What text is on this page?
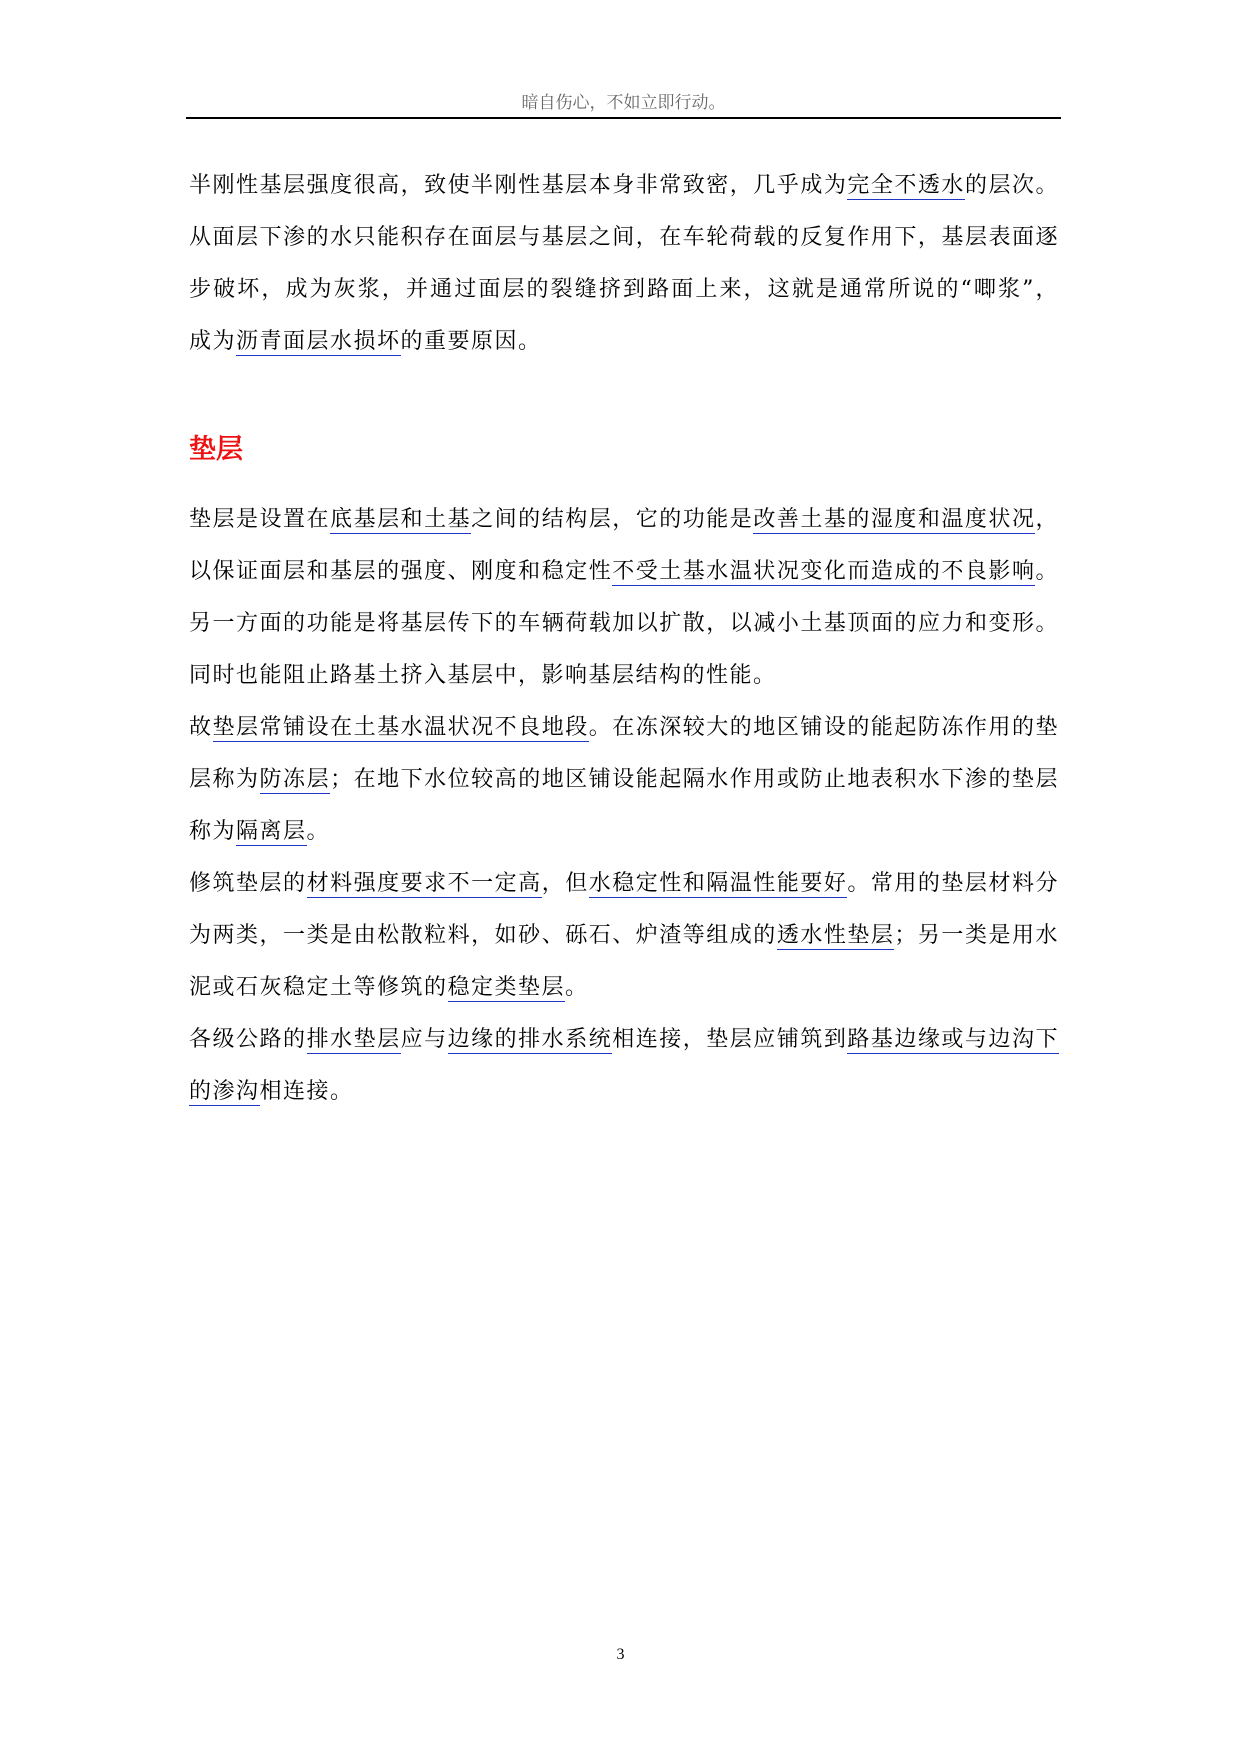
暗自伤心，不如立即行动。

半刚性基层强度很高，致使半刚性基层本身非常致密，几乎成为完全不透水的层次。从面层下渗的水只能积存在面层与基层之间，在车轮荷载的反复作用下，基层表面逐步破坏，成为灰浆，并通过面层的裂缝挤到路面上来，这就是通常所说的“唧浆”，成为沥青面层水损坏的重要原因。

垫层

垫层是设置在底基层和土基之间的结构层，它的功能是改善土基的湿度和温度状况，以保证面层和基层的强度、刚度和稳定性不受土基水温状况变化而造成的不良影响。另一方面的功能是将基层传下的车辆荷载加以扩散，以减小土基顶面的应力和变形。同时也能阻止路基土挤入基层中，影响基层结构的性能。

故垫层常铺设在土基水温状况不良地段。在冻深较大的地区铺设的能起防冻作用的垫层称为防冻层；在地下水位较高的地区铺设能起隔水作用或防止地表积水下渗的垫层称为隔离层。

修筑垫层的材料强度要求不一定高，但水稳定性和隔温性能要好。常用的垫层材料分为两类，一类是由松散粒料，如砂、砾石、炉渣等组成的透水性垫层；另一类是用水泥或石灰稳定土等修筑的稳定类垫层。

各级公路的排水垫层应与边缘的排水系统相连接，垫层应铺筑到路基边缘或与边沟下的渗沟相连接。

3
